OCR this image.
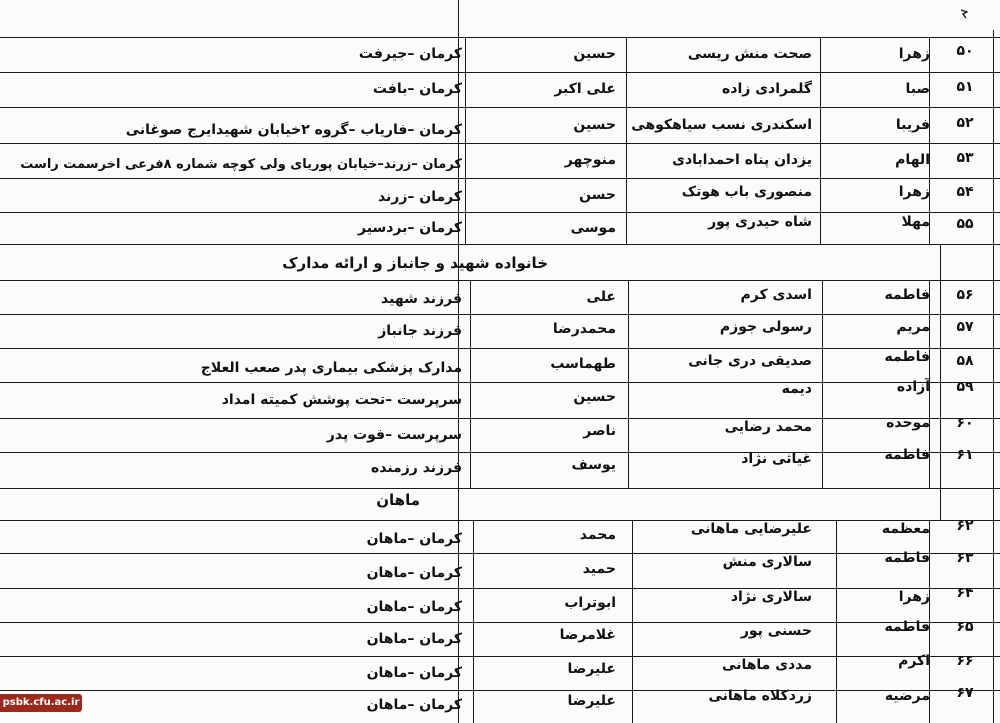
خانواده شهید و جانباز و ارائه مدارک
ماهان
۵۰
زهرا
صحت منش ریسی
حسین
کرمان –جیرفت
۵۱
صبا
گلمرادی زاده
علی اکبر
کرمان –بافت
۵۲
فریبا
اسکندری نسب سیاهکوهی
حسین
کرمان –فاریاب –گروه ۲خیابان شهیدایرج صوغانی
۵۳
الهام
یزدان پناه احمدابادی
منوچهر
کرمان –زرند–خیابان پوریای ولی کوچه شماره ۸فرعی اخرسمت راست
۵۴
زهرا
منصوری باب هوتک
حسن
کرمان –زرند
۵۵
مهلا
شاه حیدری پور
موسی
کرمان –بردسیر
۵۶
فاطمه
اسدی کرم
علی
فرزند شهید
۵۷
مریم
رسولی جوزم
محمدرضا
فرزند جانباز
۵۸
فاطمه
صدیقی دری جانی
طهماسب
مدارک پزشکی بیماری پدر صعب العلاج
۵۹
آزاده
دیمه
حسین
سرپرست –تحت پوشش کمیته امداد
۶۰
موحده
محمد رضایی
ناصر
سرپرست –فوت پدر
۶۱
فاطمه
غیاثی نژاد
یوسف
فرزند رزمنده
۶۲
معظمه
علیرضایی ماهانی
محمد
کرمان –ماهان
۶۳
فاطمه
سالاری منش
حمید
کرمان –ماهان
۶۴
زهرا
سالاری نژاد
ابوتراب
کرمان –ماهان
۶۵
فاطمه
حسنی پور
غلامرضا
کرمان –ماهان
۶۶
اکرم
مددی ماهانی
علیرضا
کرمان –ماهان
۶۷
مرضیه
زردکلاه ماهانی
علیرضا
کرمان –ماهان
psbk.cfu.ac.ir
